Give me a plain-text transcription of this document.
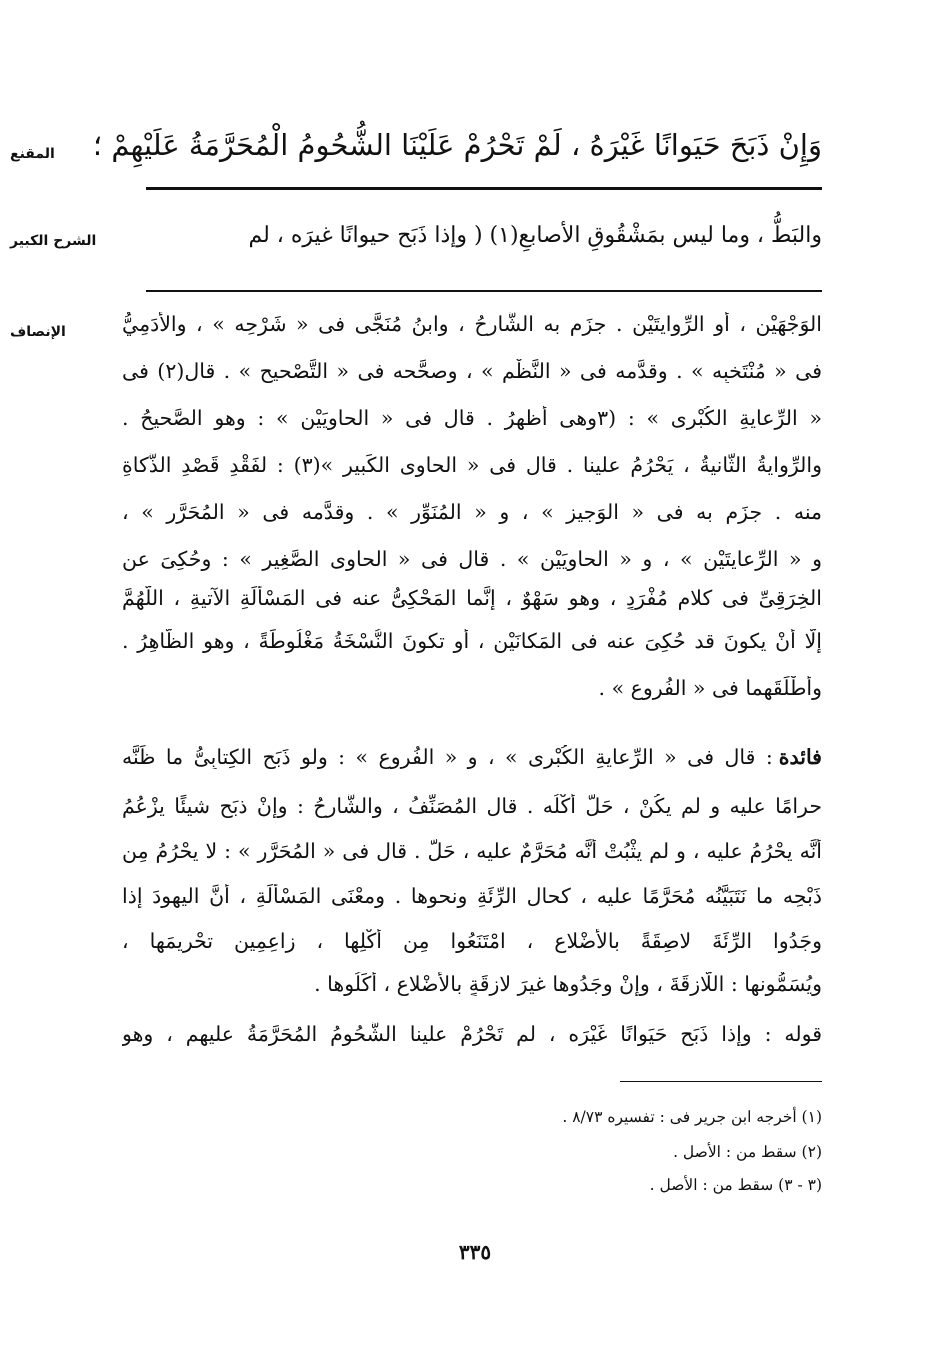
المقنع	وَإِنْ ذَبَحَ حَيَوانًا غَيْرَهُ ، لَمْ تَحْرُمْ عَلَيْنَا الشُّحُومُ الْمُحَرَّمَةُ عَلَيْهِمْ ؛
الشرح الكبير	والبَطُّ ، وما ليس بمَشْقُوقِ الأصابعِ(١) ( وإذا ذَبَح حيوانًا غيرَه ، لم
الإنصاف	الوَجْهَيْن ، أو الرِّوايتَيْن . جزَم به الشَّارِحُ ، وابنُ مُنَجَّى فى « شَرْحِه » ، والأدَمِيُّ
فى « مُنْتَخبِه » . وقدَّمه فى « النَّظْمِ » ، وصحَّحه فى « التَّصْحيحِ » . قال(٢) فى
« الرِّعايةِ الكُبْرى » : (٣وهى أظهرُ . قال فى « الحاوِيَيْن » : وهو الصَّحيحُ .
والرِّوايةُ الثَّانيةُ ، يَحْرُمُ علينا . قال فى « الحاوِى الكَبيرِ »(٣) : لفَقْدِ قَصْدِ الذَّكاةِ
منه . جزَم به فى « الوَجيزِ » ، و « المُنَوِّرِ » . وقدَّمه فى « المُحَرَّرِ » ،
و « الرِّعايتَيْن » ، و « الحاوِيَيْن » . قال فى « الحاوِى الصَّغِيرِ » : وحُكِىَ عن
الخِرَقِىِّ فى كلامٍ مُفْرَدٍ ، وهو سَهْوٌ ، إنَّما المَحْكِىُّ عنه فى المَسْأَلَةِ الآتيةِ ، اللَّهُمَّ
إلَّا أنْ يكونَ قد حُكِىَ عنه فى المَكانَيْن ، أو تكونَ النُّسْخَةُ مَغْلُوطَةً ، وهو الظَّاهِرُ .
وأطْلَقَهما فى « الفُروعِ » .
فائدة
: قال فى « الرِّعايةِ الكُبْرى » ، و « الفُروعِ » : ولو ذَبَح الكِتابِىُّ ما ظَنَّه
حرامًا عليه و لم يكُنْ ، حَلَّ أكْلُه . قال المُصَنِّفُ ، والشَّارِحُ : وإنْ ذبَح شيئًا يزْعُمُ
أنَّه يحْرُمُ عليه ، و لم يثْبُتْ أنَّه مُحَرَّمٌ عليه ، حَلَّ . قال فى « المُحَرَّرِ » : لا يحْرُمُ مِن
ذَبْحِه ما نَتَبَيَّنُه مُحَرَّمًا عليه ، كحالِ الرِّئَةِ ونحوِها . ومعْنَى المَسْأَلَةِ ، أنَّ اليهودَ إذا
وجَدُوا الرِّئَةَ لاصِقَةً بالأضْلاعِ ، امْتَنَعُوا مِن أكْلِها ، زاعِمِين تحْرِيمَها ،
ويُسَمُّونها : اللَّازِقَةَ ، وإنْ وجَدُوها غيرَ لازِقَةٍ بالأضْلاعِ ، أكَلُوها .
قوله : وإذا ذَبَح حَيَوانًا غَيْرَه ، لم تَحْرُمْ علينا الشُّحُومُ المُحَرَّمَةُ عليهم ، وهو
(١) أخرجه ابن جرير فى : تفسيره ٨/٧٣ .
(٢) سقط من : الأصل .
(٣ - ٣) سقط من : الأصل .
٣٣٥
